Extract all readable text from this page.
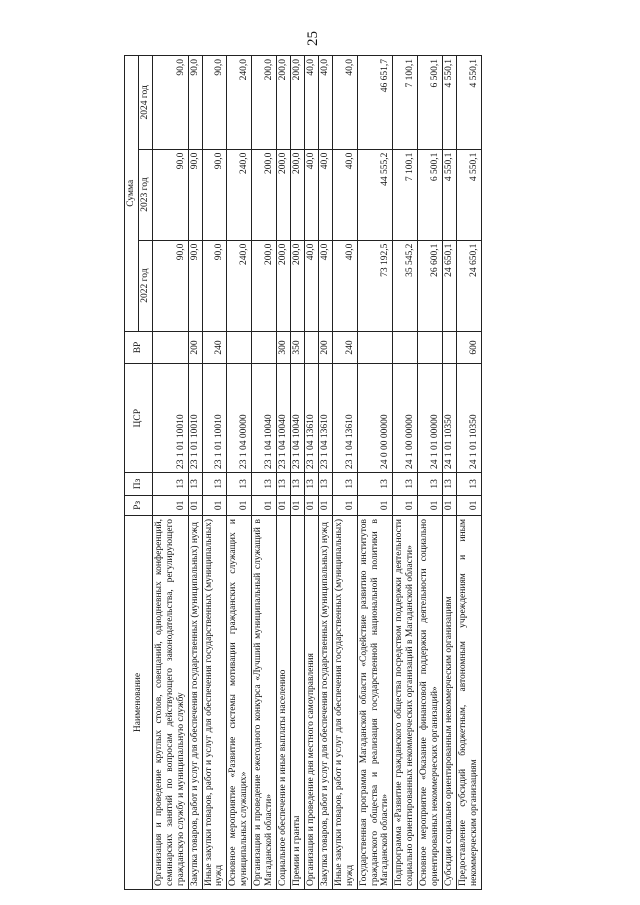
25
Наименование	Рз	Пз	ЦСР	ВР	Сумма		
					2022 год	2023 год	2024 год
Организация и проведение круглых столов, совещаний, однодневных конференций, семинарских занятий по вопросам действующего законодательства, регулирующего гражданскую службу и муниципальную службу	01	13	23 1 01 10010		90,0	90,0	90,0
Закупка товаров, работ и услуг для обеспечения государственных (муниципальных) нужд	01	13	23 1 01 10010	200	90,0	90,0	90,0
Иные закупки товаров, работ и услуг для обеспечения государственных (муниципальных) нужд	01	13	23 1 01 10010	240	90,0	90,0	90,0
Основное мероприятие «Развитие системы мотивации гражданских служащих и муниципальных служащих»	01	13	23 1 04 00000		240,0	240,0	240,0
Организация и проведение ежегодного конкурса «Лучший муниципальный служащий в Магаданской области»	01	13	23 1 04 10040		200,0	200,0	200,0
Социальное обеспечение и иные выплаты населению	01	13	23 1 04 10040	300	200,0	200,0	200,0
Премии и гранты	01	13	23 1 04 10040	350	200,0	200,0	200,0
Организация и проведение дня местного самоуправления	01	13	23 1 04 13610		40,0	40,0	40,0
Закупка товаров, работ и услуг для обеспечения государственных (муниципальных) нужд	01	13	23 1 04 13610	200	40,0	40,0	40,0
Иные закупки товаров, работ и услуг для обеспечения государственных (муниципальных) нужд	01	13	23 1 04 13610	240	40,0	40,0	40,0
Государственная программа Магаданской области «Содействие развитию институтов гражданского общества и реализация государственной национальной политики в Магаданской области»	01	13	24 0 00 00000		73 192,5	44 555,2	46 651,7
Подпрограмма «Развитие гражданского общества посредством поддержки деятельности социально ориентированных некоммерческих организаций в Магаданской области»	01	13	24 1 00 00000		35 545,2	7 100,1	7 100,1
Основное мероприятие «Оказание финансовой поддержки деятельности социально ориентированных некоммерческих организаций»	01	13	24 1 01 00000		26 600,1	6 500,1	6 500,1
Субсидии социально ориентированным некоммерческим организациям	01	13	24 1 01 10350		24 650,1	4 550,1	4 550,1
Предоставление субсидий бюджетным, автономным учреждениям и иным некоммерческим организациям	01	13	24 1 01 10350	600	24 650,1	4 550,1	4 550,1
